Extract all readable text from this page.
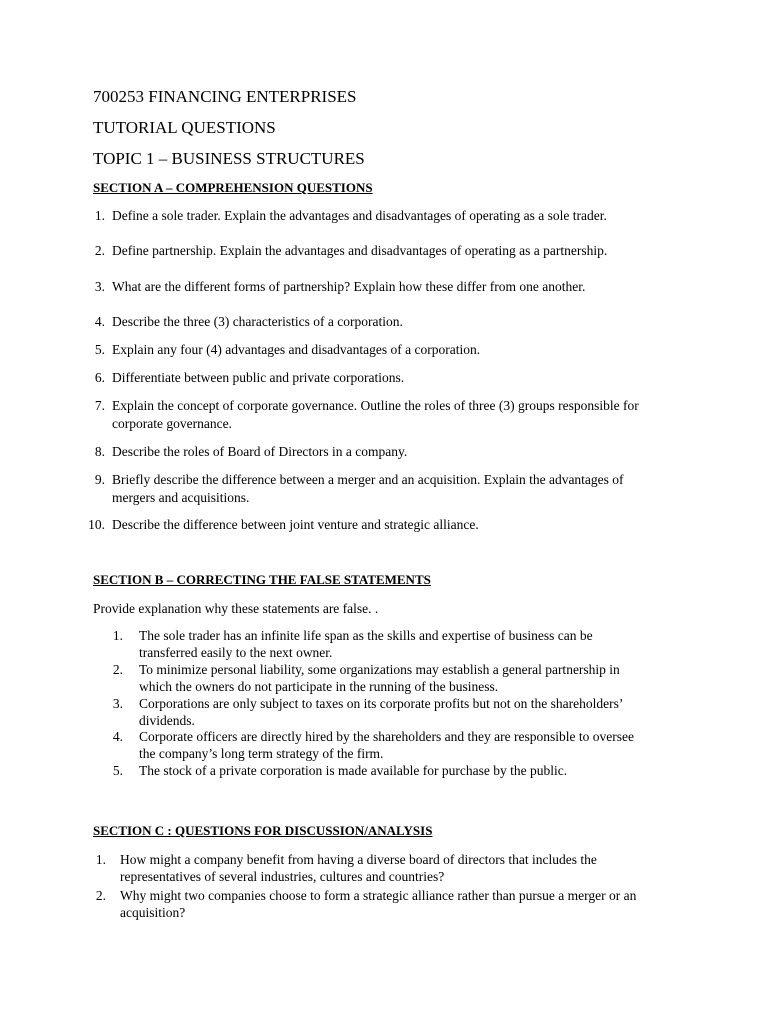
700253 FINANCING ENTERPRISES
TUTORIAL QUESTIONS
TOPIC 1 – BUSINESS STRUCTURES
SECTION A – COMPREHENSION QUESTIONS
1. Define a sole trader. Explain the advantages and disadvantages of operating as a sole trader.
2. Define partnership. Explain the advantages and disadvantages of operating as a partnership.
3. What are the different forms of partnership? Explain how these differ from one another.
4. Describe the three (3) characteristics of a corporation.
5. Explain any four (4) advantages and disadvantages of a corporation.
6. Differentiate between public and private corporations.
7. Explain the concept of corporate governance. Outline the roles of three (3) groups responsible for
corporate governance.
8. Describe the roles of Board of Directors in a company.
9. Briefly describe the difference between a merger and an acquisition. Explain the advantages of
mergers and acquisitions.
10. Describe the difference between joint venture and strategic alliance.
SECTION B – CORRECTING THE FALSE STATEMENTS
Provide explanation why these statements are false. .
1. The sole trader has an infinite life span as the skills and expertise of business can be
transferred easily to the next owner.
2. To minimize personal liability, some organizations may establish a general partnership in
which the owners do not participate in the running of the business.
3. Corporations are only subject to taxes on its corporate profits but not on the shareholders’
dividends.
4. Corporate officers are directly hired by the shareholders and they are responsible to oversee
the company’s long term strategy of the firm.
5. The stock of a private corporation is made available for purchase by the public.
SECTION C : QUESTIONS FOR DISCUSSION/ANALYSIS
1. How might a company benefit from having a diverse board of directors that includes the
representatives of several industries, cultures and countries?
2. Why might two companies choose to form a strategic alliance rather than pursue a merger or an
acquisition?
